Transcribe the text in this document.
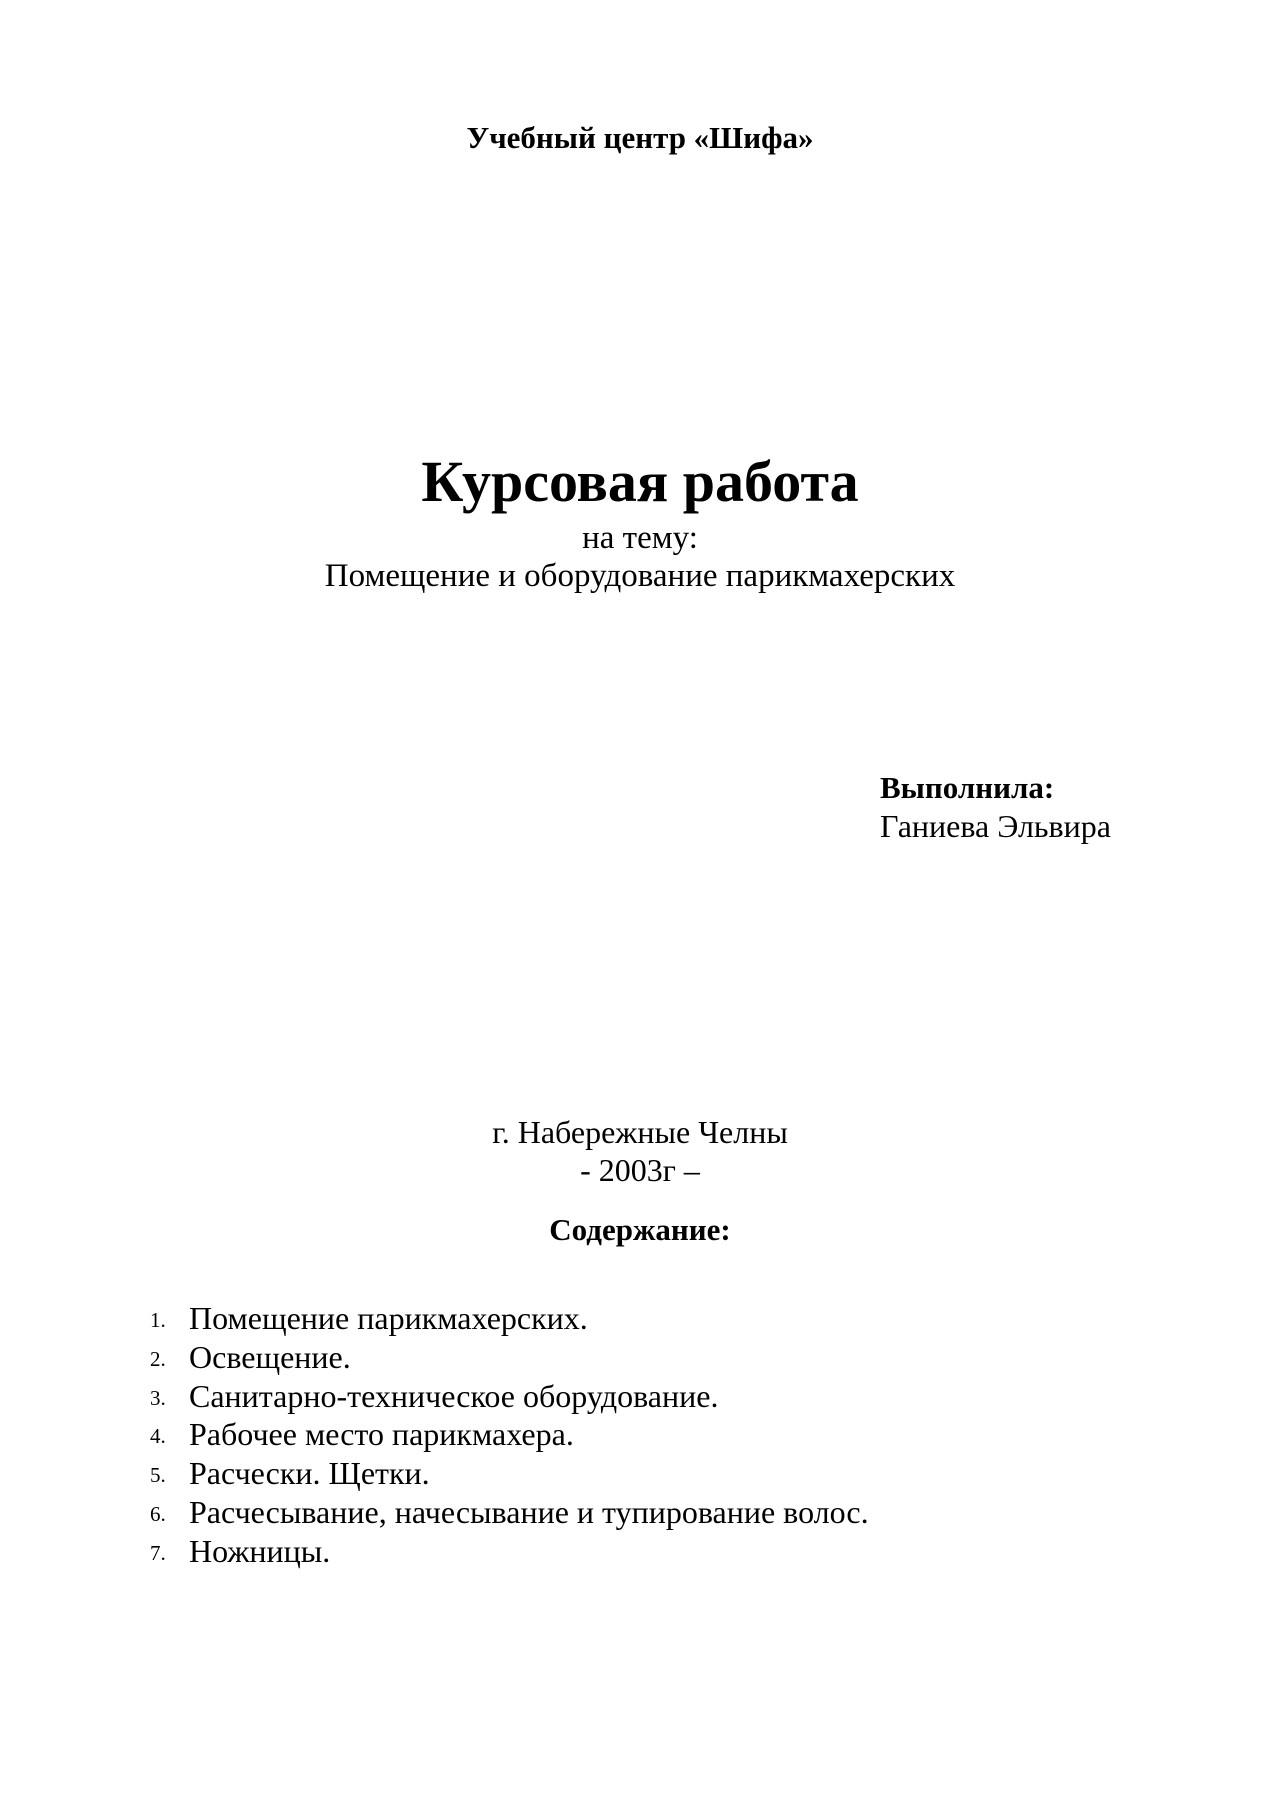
Учебный центр «Шифа»
Курсовая работа
на тему:
Помещение и оборудование парикмахерских
Выполнила:
Ганиева Эльвира
г. Набережные Челны
- 2003г –
Содержание:
1. Помещение парикмахерских.
2. Освещение.
3. Санитарно-техническое оборудование.
4. Рабочее место парикмахера.
5. Расчески. Щетки.
6. Расчесывание, начесывание и тупирование волос.
7. Ножницы.
